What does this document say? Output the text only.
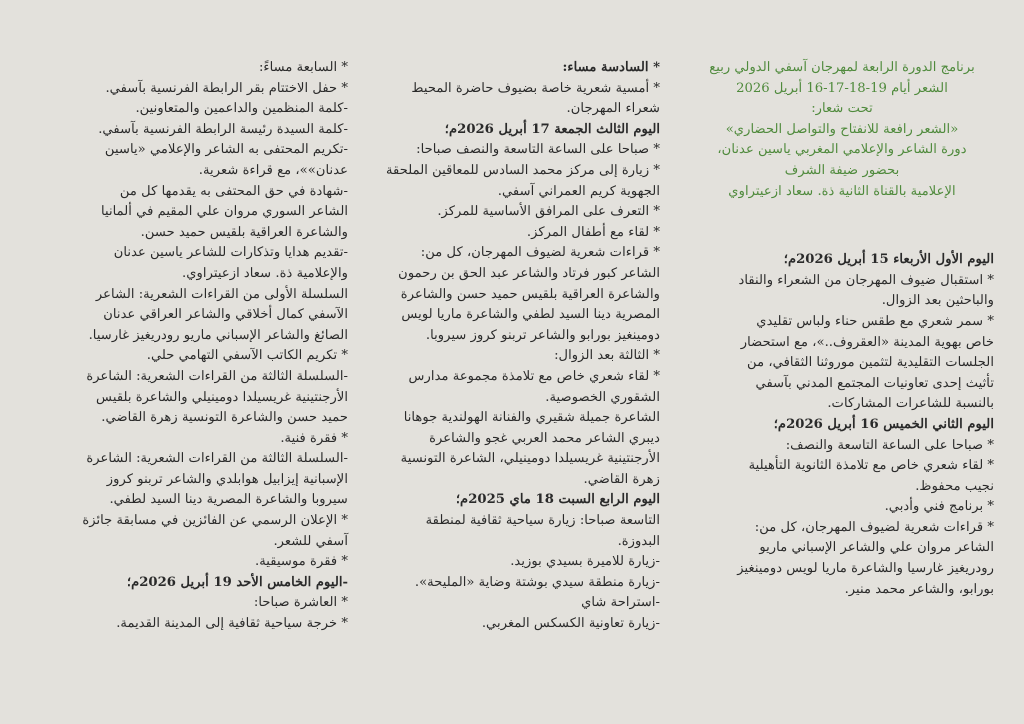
* السابعة مساءً:
* حفل الاختتام بقر الرابطة الفرنسية بآسفي.
-كلمة المنظمين والداعمين والمتعاونين.
-كلمة السيدة رئيسة الرابطة الفرنسية بآسفي.
-تكريم المحتفى به الشاعر والإعلامي «ياسين
عدنان»»، مع قراءة شعرية.
-شهادة في حق المحتفى به يقدمها كل من
الشاعر السوري مروان علي المقيم في ألمانيا
والشاعرة العراقية بلقيس حميد حسن.
-تقديم هدايا وتذكارات للشاعر ياسين عدنان
والإعلامية ذة. سعاد ازعيتراوي.
السلسلة الأولى من القراءات الشعرية: الشاعر
الآسفي كمال أخلاقي والشاعر العراقي عدنان
الصائغ والشاعر الإسباني ماريو رودريغيز غارسيا.
* تكريم الكاتب الآسفي التهامي حلي.
-السلسلة الثالثة من القراءات الشعرية: الشاعرة
الأرجنتينية غريسيلدا دومينيلي والشاعرة بلقيس
حميد حسن والشاعرة التونسية زهرة القاضي.
* فقرة فنية.
-السلسلة الثالثة من القراءات الشعرية: الشاعرة
الإسبانية إيزابيل هوابلدي والشاعر تربنو كروز
سيروبا والشاعرة المصرية دينا السيد لطفي.
* الإعلان الرسمي عن الفائزين في مسابقة جائزة
آسفي للشعر.
* فقرة موسيقية.
-اليوم الخامس الأحد 19 أبريل 2026م؛
* العاشرة صباحا:
* خرجة سياحية ثقافية إلى المدينة القديمة.
* السادسة مساء:
* أمسية شعرية خاصة بضيوف حاضرة المحيط
شعراء المهرجان.
اليوم الثالث الجمعة 17 أبريل 2026م؛
* صباحا على الساعة التاسعة والنصف صباحا:
* زيارة إلى مركز محمد السادس للمعاقين الملحقة
الجهوية كريم العمراني آسفي.
* التعرف على المرافق الأساسية للمركز.
* لقاء مع أطفال المركز.
* قراءات شعرية لضيوف المهرجان، كل من:
الشاعر كبور فرتاد والشاعر عبد الحق بن رحمون
والشاعرة العراقية بلقيس حميد حسن والشاعرة
المصرية دينا السيد لطفي والشاعرة ماريا لويس
دومينغيز بورابو والشاعر تربنو كروز سيروبا.
* الثالثة بعد الزوال:
* لقاء شعري خاص مع تلامذة مجموعة مدارس
الشقوري الخصوصية.
الشاعرة جميلة شقيري والفنانة الهولندية جوهانا
ديبري الشاعر محمد العربي غجو والشاعرة
الأرجنتينية غريسيلدا دومينيلي، الشاعرة التونسية
زهرة القاضي.
اليوم الرابع السبت 18 ماي 2025م؛
التاسعة صباحا: زيارة سياحية ثقافية لمنطقة
البدوزة.
-زيارة للاميرة بسيدي بوزيد.
-زيارة منطقة سيدي بوشتة وضاية «المليحة».
-استراحة شاي
-زيارة تعاونية الكسكس المغربي.
برنامج الدورة الرابعة لمهرجان آسفي الدولي ربيع
الشعر أيام 19-18-17-16 أبريل 2026
تحت شعار:
«الشعر رافعة للانفتاح والتواصل الحضاري»
دورة الشاعر والإعلامي المغربي ياسين عدنان،
بحضور ضيفة الشرف
الإعلامية بالقناة الثانية ذة. سعاد ازعيتراوي
اليوم الأول الأربعاء 15 أبريل 2026م؛
* استقبال ضيوف المهرجان من الشعراء والنقاد
والباحثين بعد الزوال.
* سمر شعري مع طقس حناء ولباس تقليدي
خاص بهوية المدينة «العقروف..»، مع استحضار
الجلسات التقليدية لتثمين موروثنا الثقافي، من
تأثيث إحدى تعاونيات المجتمع المدني بآسفي
بالنسبة للشاعرات المشاركات.
اليوم الثاني الخميس 16 أبريل 2026م؛
* صباحا على الساعة التاسعة والنصف:
* لقاء شعري خاص مع تلامذة الثانوية التأهيلية
نجيب محفوظ.
* برنامج فني وأدبي.
* قراءات شعرية لضيوف المهرجان، كل من:
الشاعر مروان علي والشاعر الإسباني ماريو
رودريغيز غارسيا والشاعرة ماريا لويس دومينغيز
بورابو، والشاعر محمد منير.
